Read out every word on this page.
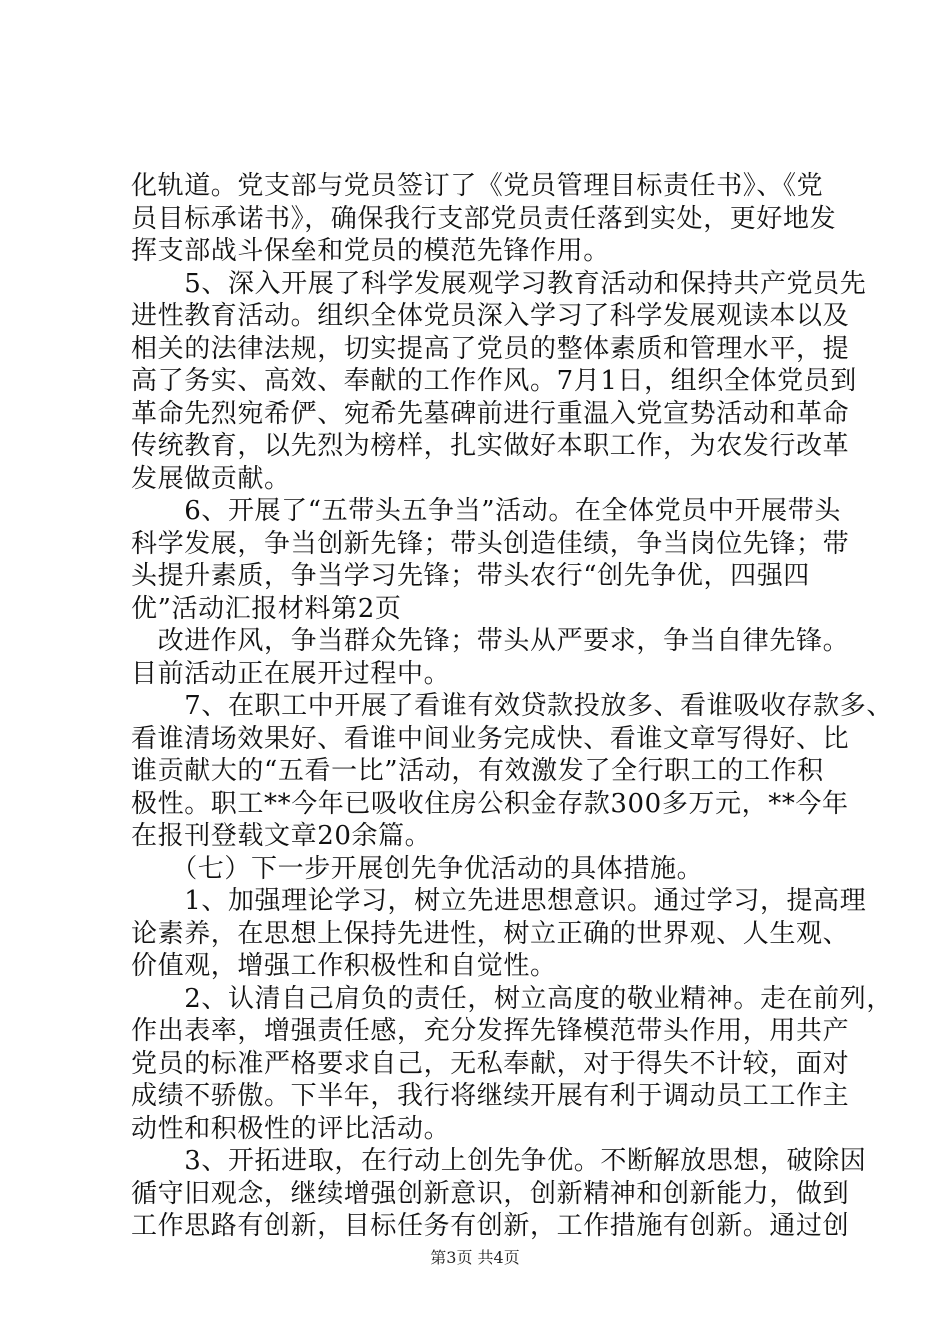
化轨道。党支部与党员签订了《党员管理目标责任书》、《党
员目标承诺书》，确保我行支部党员责任落到实处，更好地发
挥支部战斗保垒和党员的模范先锋作用。
　　5、深入开展了科学发展观学习教育活动和保持共产党员先
进性教育活动。组织全体党员深入学习了科学发展观读本以及
相关的法律法规，切实提高了党员的整体素质和管理水平，提
高了务实、高效、奉献的工作作风。7月1日，组织全体党员到
革命先烈宛希俨、宛希先墓碑前进行重温入党宣势活动和革命
传统教育，以先烈为榜样，扎实做好本职工作，为农发行改革
发展做贡献。
　　6、开展了“五带头五争当”活动。在全体党员中开展带头
科学发展，争当创新先锋；带头创造佳绩，争当岗位先锋；带
头提升素质，争当学习先锋；带头农行“创先争优，四强四
优”活动汇报材料第2页
　改进作风，争当群众先锋；带头从严要求，争当自律先锋。
目前活动正在展开过程中。
　　7、在职工中开展了看谁有效贷款投放多、看谁吸收存款多、
看谁清场效果好、看谁中间业务完成快、看谁文章写得好、比
谁贡献大的“五看一比”活动，有效激发了全行职工的工作积
极性。职工**今年已吸收住房公积金存款300多万元，**今年
在报刊登载文章20余篇。
　　（七）下一步开展创先争优活动的具体措施。
　　1、加强理论学习，树立先进思想意识。通过学习，提高理
论素养，在思想上保持先进性，树立正确的世界观、人生观、
价值观，增强工作积极性和自觉性。
　　2、认清自己肩负的责任，树立高度的敬业精神。走在前列，
作出表率，增强责任感，充分发挥先锋模范带头作用，用共产
党员的标准严格要求自己，无私奉献，对于得失不计较，面对
成绩不骄傲。下半年，我行将继续开展有利于调动员工工作主
动性和积极性的评比活动。
　　3、开拓进取，在行动上创先争优。不断解放思想，破除因
循守旧观念，继续增强创新意识，创新精神和创新能力，做到
工作思路有创新，目标任务有创新，工作措施有创新。通过创
第3页 共4页
